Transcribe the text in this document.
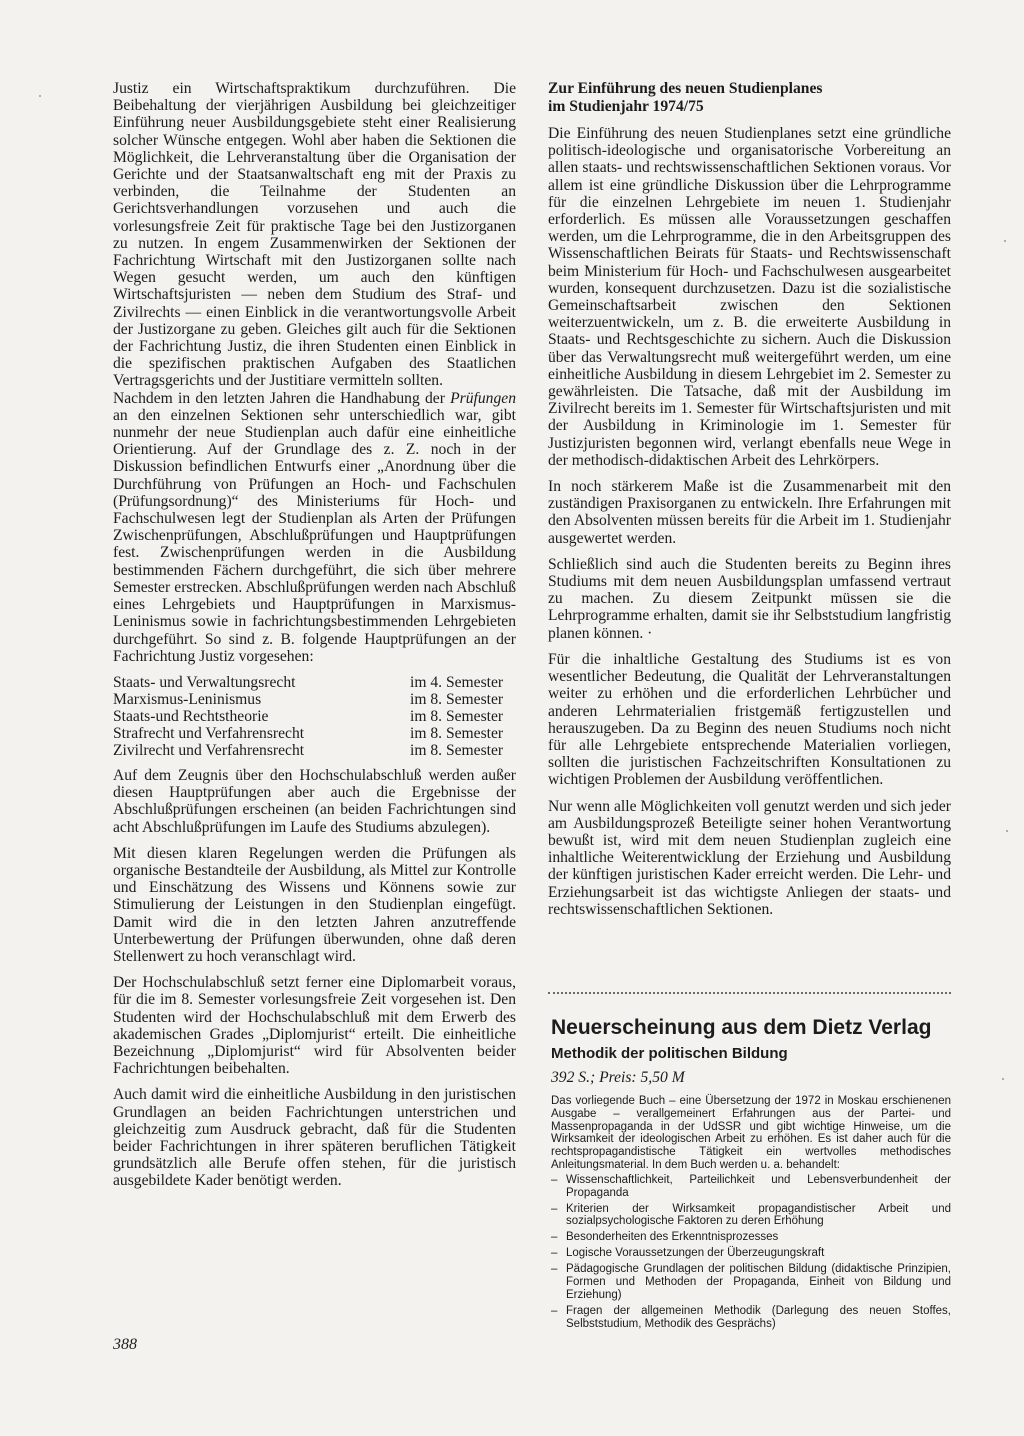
Justiz ein Wirtschaftspraktikum durchzuführen. Die Beibehaltung der vierjährigen Ausbildung bei gleichzeitiger Einführung neuer Ausbildungsgebiete steht einer Realisierung solcher Wünsche entgegen. Wohl aber haben die Sektionen die Möglichkeit, die Lehrveranstaltung über die Organisation der Gerichte und der Staatsanwaltschaft eng mit der Praxis zu verbinden, die Teilnahme der Studenten an Gerichtsverhandlungen vorzusehen und auch die vorlesungsfreie Zeit für praktische Tage bei den Justizorganen zu nutzen. In engem Zusammenwirken der Sektionen der Fachrichtung Wirtschaft mit den Justizorganen sollte nach Wegen gesucht werden, um auch den künftigen Wirtschaftsjuristen — neben dem Studium des Straf- und Zivilrechts — einen Einblick in die verantwortungsvolle Arbeit der Justizorgane zu geben. Gleiches gilt auch für die Sektionen der Fachrichtung Justiz, die ihren Studenten einen Einblick in die spezifischen praktischen Aufgaben des Staatlichen Vertragsgerichts und der Justitiare vermitteln sollten.

Nachdem in den letzten Jahren die Handhabung der Prüfungen an den einzelnen Sektionen sehr unterschiedlich war, gibt nunmehr der neue Studienplan auch dafür eine einheitliche Orientierung. Auf der Grundlage des z. Z. noch in der Diskussion befindlichen Entwurfs einer „Anordnung über die Durchführung von Prüfungen an Hoch- und Fachschulen (Prüfungsordnung)“ des Ministeriums für Hoch- und Fachschulwesen legt der Studienplan als Arten der Prüfungen Zwischenprüfungen, Abschlußprüfungen und Hauptprüfungen fest. Zwischenprüfungen werden in die Ausbildung bestimmenden Fächern durchgeführt, die sich über mehrere Semester erstrecken. Abschlußprüfungen werden nach Abschluß eines Lehrgebiets und Hauptprüfungen in Marxismus-Leninismus sowie in fachrichtungsbestimmenden Lehrgebieten durchgeführt. So sind z. B. folgende Hauptprüfungen an der Fachrichtung Justiz vorgesehen:

Staats- und Verwaltungsrecht	im 4. Semester
Marxismus-Leninismus	im 8. Semester
Staats-und Rechtstheorie	im 8. Semester
Strafrecht und Verfahrensrecht	im 8. Semester
Zivilrecht und Verfahrensrecht	im 8. Semester

Auf dem Zeugnis über den Hochschulabschluß werden außer diesen Hauptprüfungen aber auch die Ergebnisse der Abschlußprüfungen erscheinen (an beiden Fachrichtungen sind acht Abschlußprüfungen im Laufe des Studiums abzulegen).

Mit diesen klaren Regelungen werden die Prüfungen als organische Bestandteile der Ausbildung, als Mittel zur Kontrolle und Einschätzung des Wissens und Könnens sowie zur Stimulierung der Leistungen in den Studienplan eingefügt. Damit wird die in den letzten Jahren anzutreffende Unterbewertung der Prüfungen überwunden, ohne daß deren Stellenwert zu hoch veranschlagt wird.

Der Hochschulabschluß setzt ferner eine Diplomarbeit voraus, für die im 8. Semester vorlesungsfreie Zeit vorgesehen ist. Den Studenten wird der Hochschulabschluß mit dem Erwerb des akademischen Grades „Diplomjurist“ erteilt. Die einheitliche Bezeichnung „Diplomjurist“ wird für Absolventen beider Fachrichtungen beibehalten.

Auch damit wird die einheitliche Ausbildung in den juristischen Grundlagen an beiden Fachrichtungen unterstrichen und gleichzeitig zum Ausdruck gebracht, daß für die Studenten beider Fachrichtungen in ihrer späteren beruflichen Tätigkeit grundsätzlich alle Berufe offen stehen, für die juristisch ausgebildete Kader benötigt werden.

Zur Einführung des neuen Studienplanes
im Studienjahr 1974/75

Die Einführung des neuen Studienplanes setzt eine gründliche politisch-ideologische und organisatorische Vorbereitung an allen staats- und rechtswissenschaftlichen Sektionen voraus. Vor allem ist eine gründliche Diskussion über die Lehrprogramme für die einzelnen Lehrgebiete im neuen 1. Studienjahr erforderlich. Es müssen alle Voraussetzungen geschaffen werden, um die Lehrprogramme, die in den Arbeitsgruppen des Wissenschaftlichen Beirats für Staats- und Rechtswissenschaft beim Ministerium für Hoch- und Fachschulwesen ausgearbeitet wurden, konsequent durchzusetzen. Dazu ist die sozialistische Gemeinschaftsarbeit zwischen den Sektionen weiterzuentwickeln, um z. B. die erweiterte Ausbildung in Staats- und Rechtsgeschichte zu sichern. Auch die Diskussion über das Verwaltungsrecht muß weitergeführt werden, um eine einheitliche Ausbildung in diesem Lehrgebiet im 2. Semester zu gewährleisten. Die Tatsache, daß mit der Ausbildung im Zivilrecht bereits im 1. Semester für Wirtschaftsjuristen und mit der Ausbildung in Kriminologie im 1. Semester für Justizjuristen begonnen wird, verlangt ebenfalls neue Wege in der methodisch-didaktischen Arbeit des Lehrkörpers.

In noch stärkerem Maße ist die Zusammenarbeit mit den zuständigen Praxisorganen zu entwickeln. Ihre Erfahrungen mit den Absolventen müssen bereits für die Arbeit im 1. Studienjahr ausgewertet werden.

Schließlich sind auch die Studenten bereits zu Beginn ihres Studiums mit dem neuen Ausbildungsplan umfassend vertraut zu machen. Zu diesem Zeitpunkt müssen sie die Lehrprogramme erhalten, damit sie ihr Selbststudium langfristig planen können. ·

Für die inhaltliche Gestaltung des Studiums ist es von wesentlicher Bedeutung, die Qualität der Lehrveranstaltungen weiter zu erhöhen und die erforderlichen Lehrbücher und anderen Lehrmaterialien fristgemäß fertigzustellen und herauszugeben. Da zu Beginn des neuen Studiums noch nicht für alle Lehrgebiete entsprechende Materialien vorliegen, sollten die juristischen Fachzeitschriften Konsultationen zu wichtigen Problemen der Ausbildung veröffentlichen.

Nur wenn alle Möglichkeiten voll genutzt werden und sich jeder am Ausbildungsprozeß Beteiligte seiner hohen Verantwortung bewußt ist, wird mit dem neuen Studienplan zugleich eine inhaltliche Weiterentwicklung der Erziehung und Ausbildung der künftigen juristischen Kader erreicht werden. Die Lehr- und Erziehungsarbeit ist das wichtigste Anliegen der staats- und rechtswissenschaftlichen Sektionen.

Neuerscheinung aus dem Dietz Verlag
Methodik der politischen Bildung
392 S.; Preis: 5,50 M

Das vorliegende Buch – eine Übersetzung der 1972 in Moskau erschienenen Ausgabe – verallgemeinert Erfahrungen aus der Partei- und Massenpropaganda in der UdSSR und gibt wichtige Hinweise, um die Wirksamkeit der ideologischen Arbeit zu erhöhen. Es ist daher auch für die rechtspropagandistische Tätigkeit ein wertvolles methodisches Anleitungsmaterial. In dem Buch werden u. a. behandelt:

– Wissenschaftlichkeit, Parteilichkeit und Lebensverbundenheit der Propaganda
– Kriterien der Wirksamkeit propagandistischer Arbeit und sozialpsychologische Faktoren zu deren Erhöhung
– Besonderheiten des Erkenntnisprozesses
– Logische Voraussetzungen der Überzeugungskraft
– Pädagogische Grundlagen der politischen Bildung (didaktische Prinzipien, Formen und Methoden der Propaganda, Einheit von Bildung und Erziehung)
– Fragen der allgemeinen Methodik (Darlegung des neuen Stoffes, Selbststudium, Methodik des Gesprächs)
388
